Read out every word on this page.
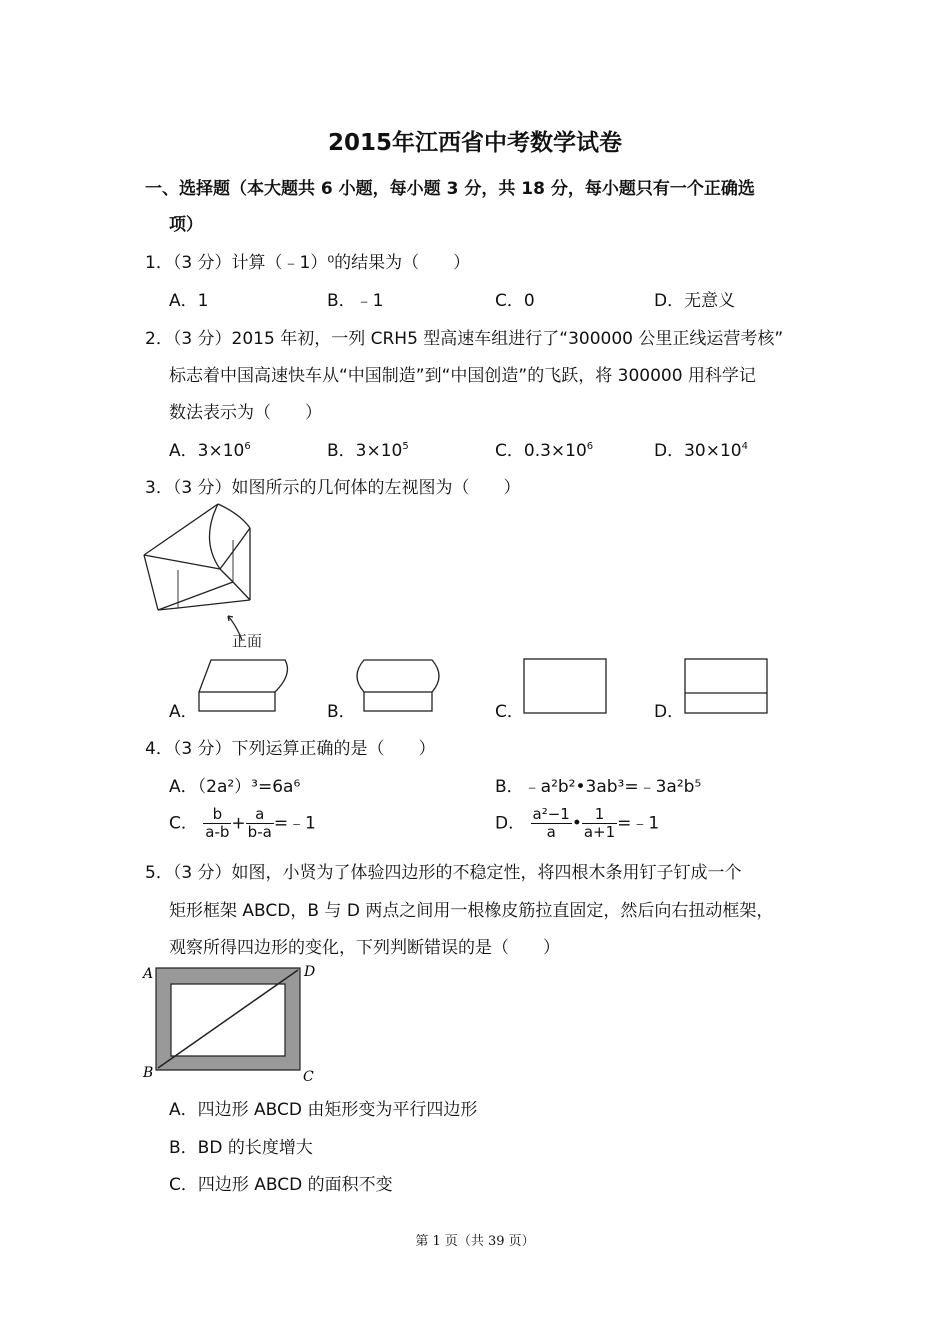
2015年江西省中考数学试卷
一、选择题（本大题共 6 小题，每小题 3 分，共 18 分，每小题只有一个正确选
项）
1．（3 分）计算（﹣1）⁰的结果为（　　）
A．1	B．﹣1	C．0	D．无意义
2．（3 分）2015 年初，一列 CRH5 型高速车组进行了“300000 公里正线运营考核”
标志着中国高速快车从“中国制造”到“中国创造”的飞跃，将 300000 用科学记
数法表示为（　　）
A．$3\times 10^6$	B．$3\times 10^5$	C．$0.3\times 10^6$	D．$30\times 10^4$
3．（3 分）如图所示的几何体的左视图为（　　）
正面
A．	B．	C．	D．
4．（3 分）下列运算正确的是（　　）
A．（2a²）³=6a⁶	B．﹣a²b²•3ab³=﹣3a²b⁵
C． $\frac{b}{a-b} + \frac{a}{b-a}$ =﹣1	D． $\frac{\text{a²−1}}{a}$ • $\frac{1}{a+1}$ =﹣1
5．（3 分）如图，小贤为了体验四边形的不稳定性，将四根木条用钉子钉成一个
矩形框架 ABCD，B 与 D 两点之间用一根橡皮筋拉直固定，然后向右扭动框架，
观察所得四边形的变化，下列判断错误的是（　　）
A	D
B	C
A．四边形 ABCD 由矩形变为平行四边形
B．BD 的长度增大
C．四边形 ABCD 的面积不变
第 1 页（共 39 页）
